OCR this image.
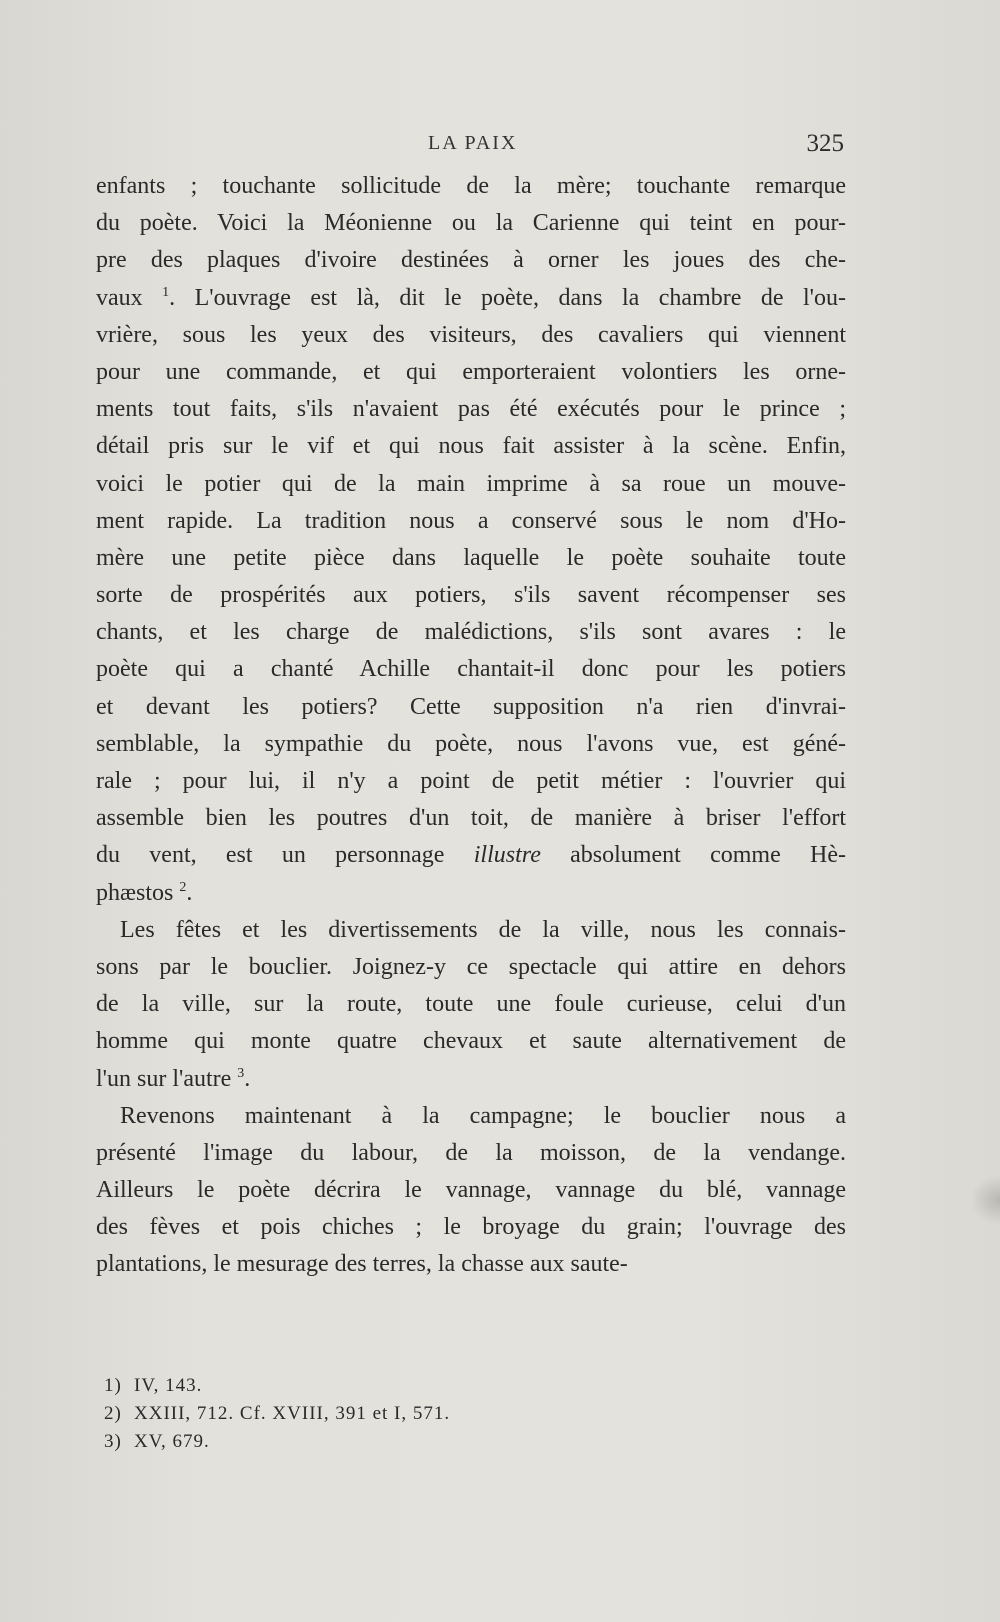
LA PAIX	325
enfants ; touchante sollicitude de la mère; touchante remarque
du poète. Voici la Méonienne ou la Carienne qui teint en pour-
pre des plaques d'ivoire destinées à orner les joues des che-
vaux $^1$. L'ouvrage est là, dit le poète, dans la chambre de l'ou-
vrière, sous les yeux des visiteurs, des cavaliers qui viennent
pour une commande, et qui emporteraient volontiers les orne-
ments tout faits, s'ils n'avaient pas été exécutés pour le prince ;
détail pris sur le vif et qui nous fait assister à la scène. Enfin,
voici le potier qui de la main imprime à sa roue un mouve-
ment rapide. La tradition nous a conservé sous le nom d'Ho-
mère une petite pièce dans laquelle le poète souhaite toute
sorte de prospérités aux potiers, s'ils savent récompenser ses
chants, et les charge de malédictions, s'ils sont avares : le
poète qui a chanté Achille chantait-il donc pour les potiers
et devant les potiers? Cette supposition n'a rien d'invrai-
semblable, la sympathie du poète, nous l'avons vue, est géné-
rale ; pour lui, il n'y a point de petit métier : l'ouvrier qui
assemble bien les poutres d'un toit, de manière à briser l'effort
du vent, est un personnage illustre absolument comme Hè-
phæstos $^2$.
Les fêtes et les divertissements de la ville, nous les connais-
sons par le bouclier. Joignez-y ce spectacle qui attire en dehors
de la ville, sur la route, toute une foule curieuse, celui d'un
homme qui monte quatre chevaux et saute alternativement de
l'un sur l'autre $^3$.
Revenons maintenant à la campagne; le bouclier nous a
présenté l'image du labour, de la moisson, de la vendange.
Ailleurs le poète décrira le vannage, vannage du blé, vannage
des fèves et pois chiches ; le broyage du grain; l'ouvrage des
plantations, le mesurage des terres, la chasse aux saute-
1) IV, 143.
2) XXIII, 712. Cf. XVIII, 391 et I, 571.
3) XV, 679.
